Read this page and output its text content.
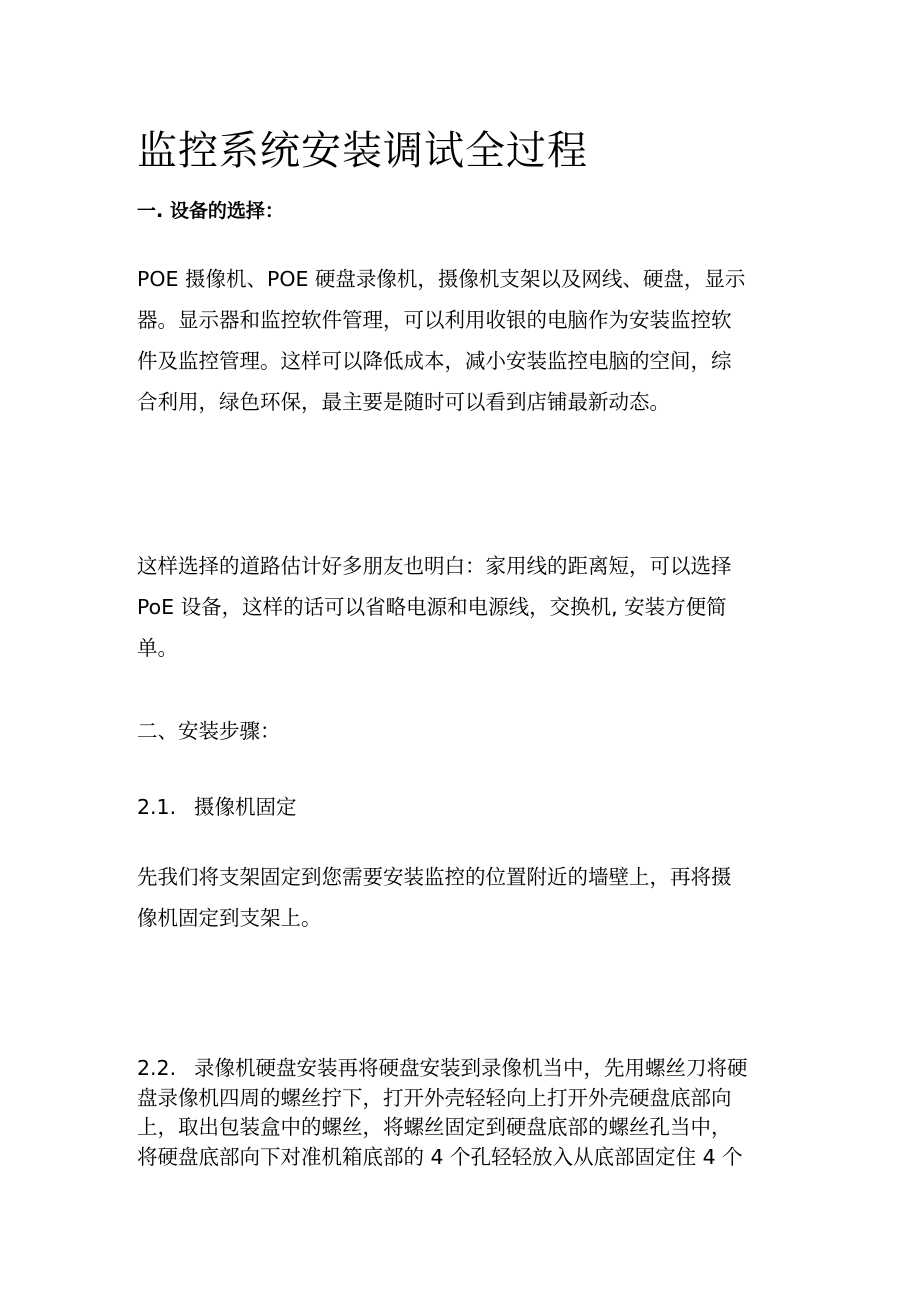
监控系统安装调试全过程
一. 设备的选择：
POE 摄像机、POE 硬盘录像机，摄像机支架以及网线、硬盘，显示
器。显示器和监控软件管理，可以利用收银的电脑作为安装监控软
件及监控管理。这样可以降低成本，减小安装监控电脑的空间，综
合利用，绿色环保，最主要是随时可以看到店铺最新动态。
这样选择的道路估计好多朋友也明白：家用线的距离短，可以选择
PoE 设备，这样的话可以省略电源和电源线，交换机, 安装方便简
单。
二、安装步骤：
2.1. 摄像机固定
先我们将支架固定到您需要安装监控的位置附近的墙壁上，再将摄
像机固定到支架上。
2.2. 录像机硬盘安装再将硬盘安装到录像机当中，先用螺丝刀将硬
盘录像机四周的螺丝拧下，打开外壳轻轻向上打开外壳硬盘底部向
上，取出包装盒中的螺丝，将螺丝固定到硬盘底部的螺丝孔当中，
将硬盘底部向下对准机箱底部的 4 个孔轻轻放入从底部固定住 4 个
